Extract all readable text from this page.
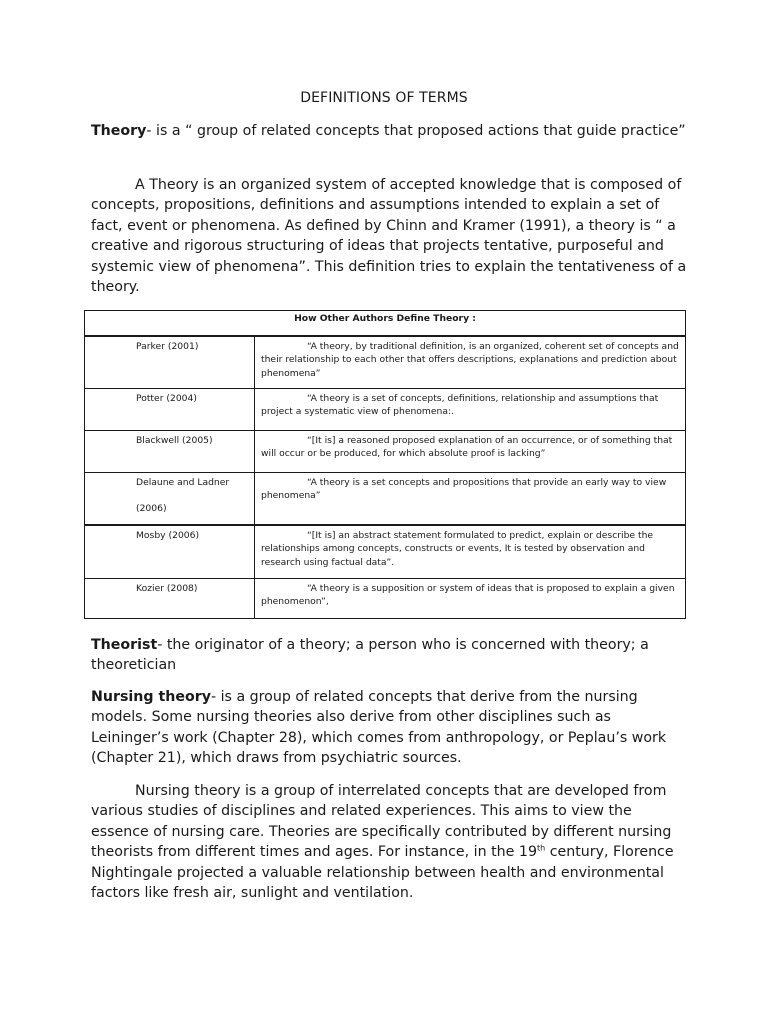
DEFINITIONS OF TERMS

Theory- is a “ group of related concepts that proposed actions that guide practice”

A Theory is an organized system of accepted knowledge that is composed of concepts, propositions, definitions and assumptions intended to explain a set of fact, event or phenomena. As defined by Chinn and Kramer (1991), a theory is “ a creative and rigorous structuring of ideas that projects tentative, purposeful and systemic view of phenomena”. This definition tries to explain the tentativeness of a theory.

How Other Authors Define Theory :	
Parker (2001)	“A theory, by traditional definition, is an organized, coherent set of concepts and their relationship to each other that offers descriptions, explanations and prediction about phenomena”

Potter (2004)	“A theory is a set of concepts, definitions, relationship and assumptions that project a systematic view of phenomena:.

Blackwell (2005)	“[It is] a reasoned proposed explanation of an occurrence, or of something that will occur or be produced, for which absolute proof is lacking”

Delaune and Ladner
(2006)	“A theory is a set concepts and propositions that provide an early way to view phenomena”

Mosby (2006)	“[It is] an abstract statement formulated to predict, explain or describe the relationships among concepts, constructs or events, It is tested by observation and research using factual data”.

Kozier (2008)	“A theory is a supposition or system of ideas that is proposed to explain a given phenomenon”,

Theorist- the originator of a theory; a person who is concerned with theory; a theoretician

Nursing theory- is a group of related concepts that derive from the nursing models. Some nursing theories also derive from other disciplines such as Leininger’s work (Chapter 28), which comes from anthropology, or Peplau’s work (Chapter 21), which draws from psychiatric sources.

Nursing theory is a group of interrelated concepts that are developed from various studies of disciplines and related experiences. This aims to view the essence of nursing care. Theories are specifically contributed by different nursing theorists from different times and ages. For instance, in the 19th century, Florence Nightingale projected a valuable relationship between health and environmental factors like fresh air, sunlight and ventilation.
